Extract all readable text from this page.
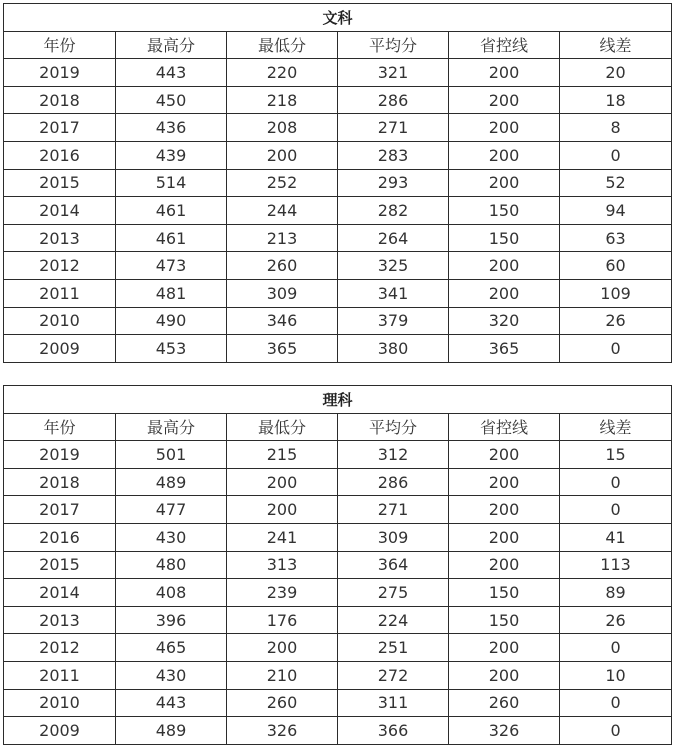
文科					
年份	最高分	最低分	平均分	省控线	线差
2019	443	220	321	200	20
2018	450	218	286	200	18
2017	436	208	271	200	8
2016	439	200	283	200	0
2015	514	252	293	200	52
2014	461	244	282	150	94
2013	461	213	264	150	63
2012	473	260	325	200	60
2011	481	309	341	200	109
2010	490	346	379	320	26
2009	453	365	380	365	0
理科					
年份	最高分	最低分	平均分	省控线	线差
2019	501	215	312	200	15
2018	489	200	286	200	0
2017	477	200	271	200	0
2016	430	241	309	200	41
2015	480	313	364	200	113
2014	408	239	275	150	89
2013	396	176	224	150	26
2012	465	200	251	200	0
2011	430	210	272	200	10
2010	443	260	311	260	0
2009	489	326	366	326	0
